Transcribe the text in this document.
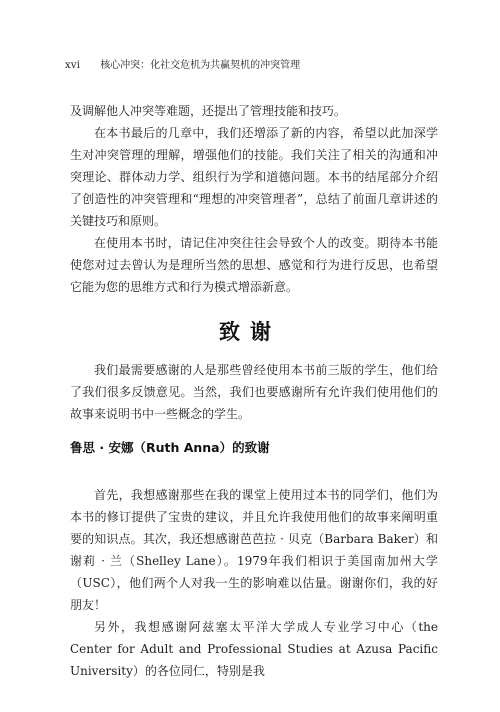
xvi 核心冲突：化社交危机为共赢契机的冲突管理

及调解他人冲突等难题，还提出了管理技能和技巧。

在本书最后的几章中，我们还增添了新的内容，希望以此加深学生对冲突管理的理解，增强他们的技能。我们关注了相关的沟通和冲突理论、群体动力学、组织行为学和道德问题。本书的结尾部分介绍了创造性的冲突管理和“理想的冲突管理者”，总结了前面几章讲述的关键技巧和原则。

在使用本书时，请记住冲突往往会导致个人的改变。期待本书能使您对过去曾认为是理所当然的思想、感觉和行为进行反思，也希望它能为您的思维方式和行为模式增添新意。

致谢

我们最需要感谢的人是那些曾经使用本书前三版的学生，他们给了我们很多反馈意见。当然，我们也要感谢所有允许我们使用他们的故事来说明书中一些概念的学生。

鲁思 · 安娜（Ruth Anna）的致谢

首先，我想感谢那些在我的课堂上使用过本书的同学们，他们为本书的修订提供了宝贵的建议，并且允许我使用他们的故事来阐明重要的知识点。其次，我还想感谢芭芭拉 · 贝克（Barbara Baker）和谢莉 · 兰（Shelley Lane）。1979年我们相识于美国南加州大学（USC），他们两个人对我一生的影响难以估量。谢谢你们，我的好朋友！

另外，我想感谢阿兹塞太平洋大学成人专业学习中心（the Center for Adult and Professional Studies at Azusa Pacific University）的各位同仁，特别是我
